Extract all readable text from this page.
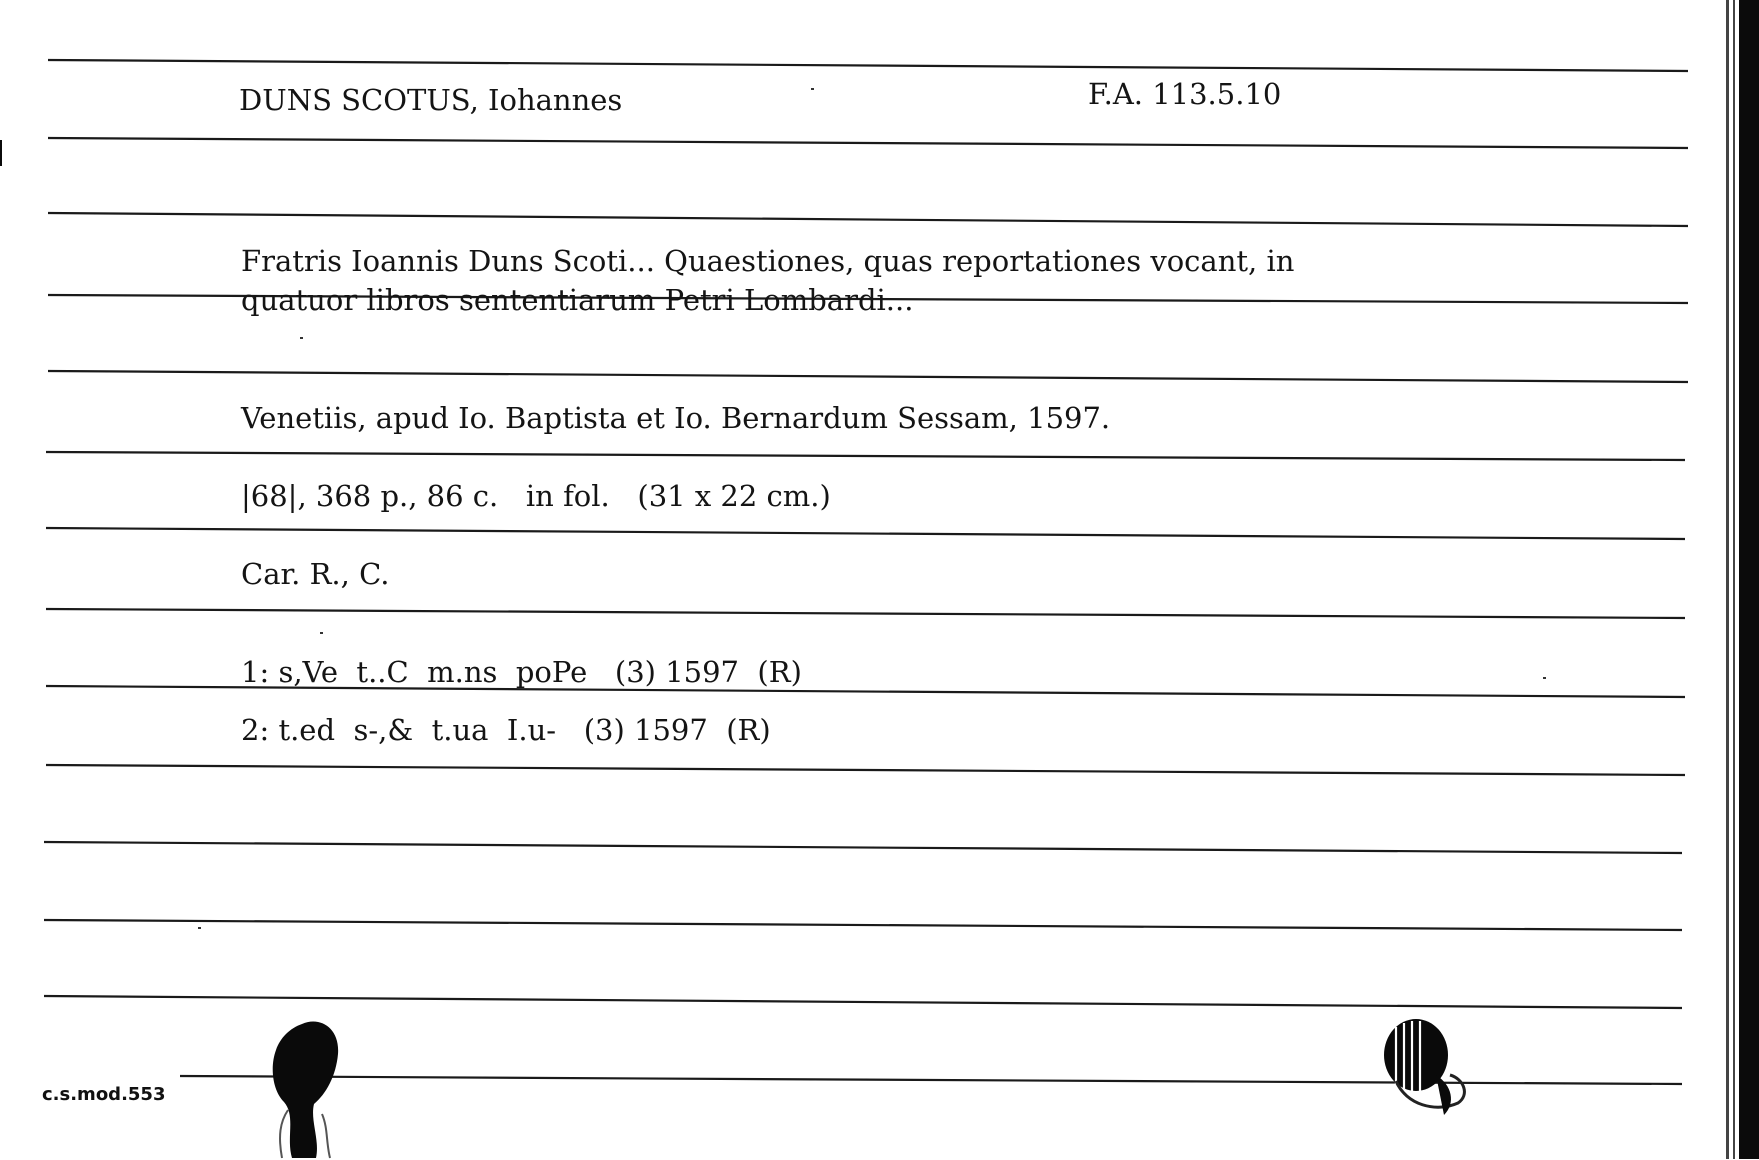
DUNS SCOTUS, Iohannes	F.A. 113.5.10
Fratris Ioannis Duns Scoti... Quaestiones, quas reportationes vocant, in
quatuor libros sententiarum Petri Lombardi...
Venetiis, apud Io. Baptista et Io. Bernardum Sessam, 1597.
|68|, 368 p., 86 c.   in fol.   (31 x 22 cm.)
Car. R., C.
1: s,Ve  t..C  m.ns  poPe   (3) 1597  (R)
2: t.ed  s-,&  t.ua  I.u-   (3) 1597  (R)
c.s.mod.553
